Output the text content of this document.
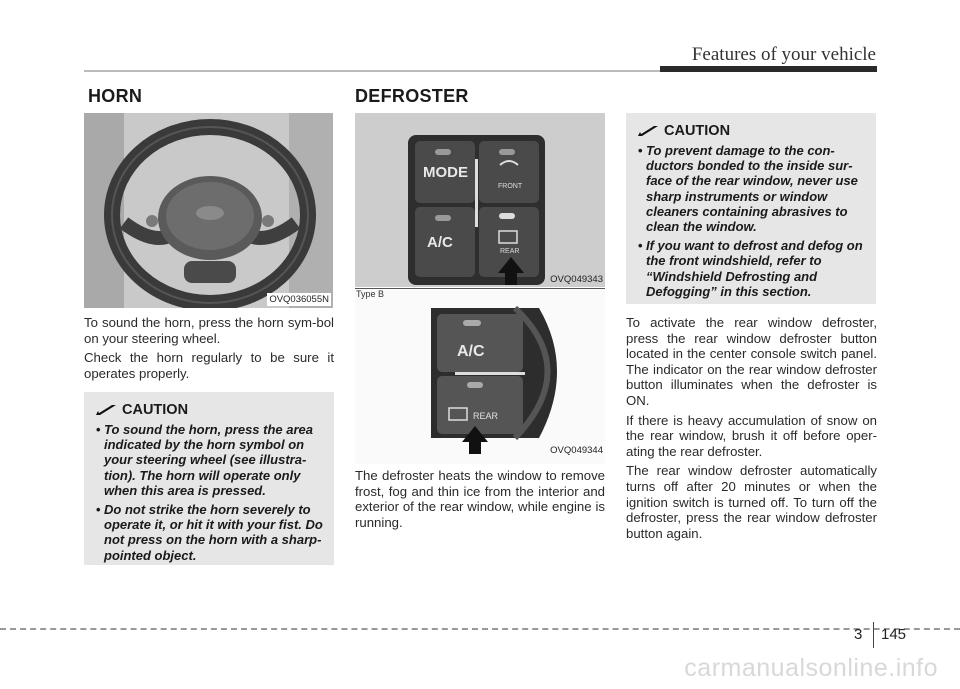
Features of your vehicle
HORN
OVQ036055N

To sound the horn, press the horn sym-bol on your steering wheel.

Check the horn regularly to be sure it operates properly.

CAUTION
• To sound the horn, press the area indicated by the horn symbol on your steering wheel (see illustra-tion). The horn will operate only when this area is pressed.
• Do not strike the horn severely to operate it, or hit it with your fist. Do not press on the horn with a sharp-pointed object.
DEFROSTER
MODE
A/C
FRONT
REAR
OVQ049343
A/C
REAR
Type B
OVQ049344

The defroster heats the window to remove frost, fog and thin ice from the interior and exterior of the rear window, while engine is running.

CAUTION
• To prevent damage to the con-ductors bonded to the inside sur-face of the rear window, never use sharp instruments or window cleaners containing abrasives to clean the window.
• If you want to defrost and defog on the front windshield, refer to “Windshield Defrosting and Defogging” in this section.

To activate the rear window defroster, press the rear window defroster button located in the center console switch panel. The indicator on the rear window defroster button illuminates when the defroster is ON.

If there is heavy accumulation of snow on the rear window, brush it off before oper-ating the rear defroster.

The rear window defroster automatically turns off after 20 minutes or when the ignition switch is turned off. To turn off the defroster, press the rear window defroster button again.

3 145
carmanualsonline.info
